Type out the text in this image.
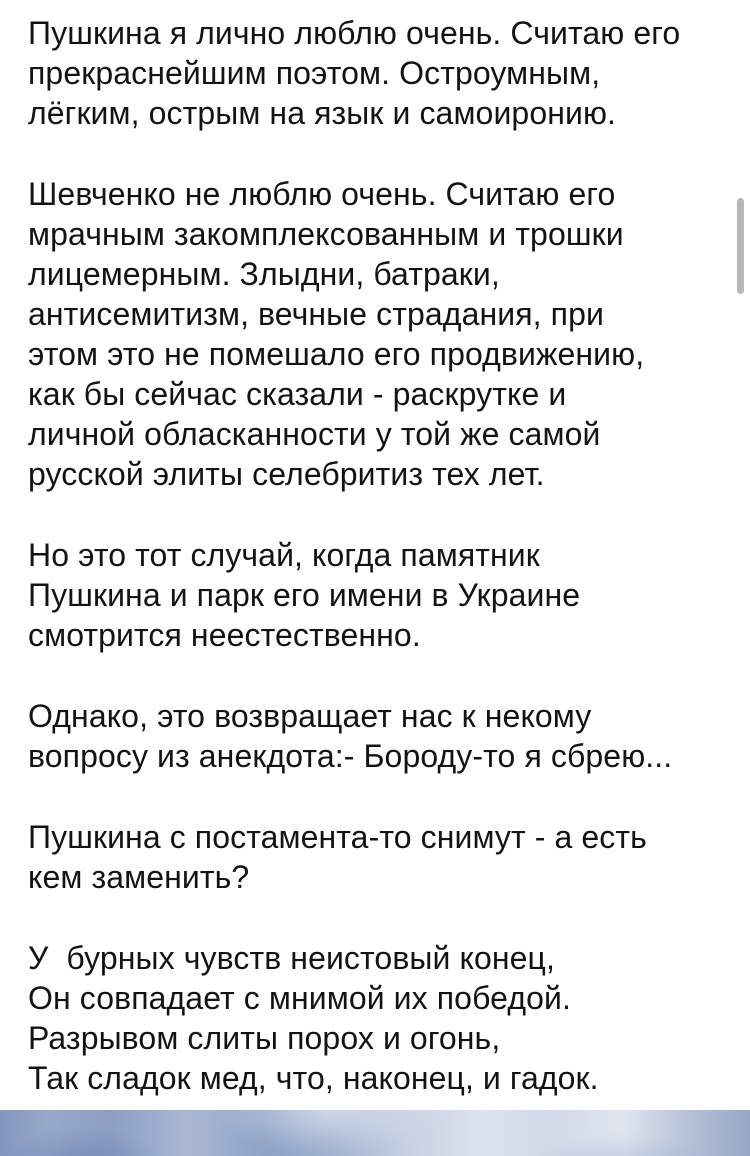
Пушкина я лично люблю очень. Считаю его
прекраснейшим поэтом. Остроумным,
лёгким, острым на язык и самоиронию.

Шевченко не люблю очень. Считаю его
мрачным закомплексованным и трошки
лицемерным. Злыдни, батраки,
антисемитизм, вечные страдания, при
этом это не помешало его продвижению,
как бы сейчас сказали - раскрутке и
личной обласканности у той же самой
русской элиты селебритиз тех лет.

Но это тот случай, когда памятник
Пушкина и парк его имени в Украине
смотрится неестественно.

Однако, это возвращает нас к некому
вопросу из анекдота:- Бороду-то я сбрею...

Пушкина с постамента-то снимут - а есть
кем заменить?

У  бурных чувств неистовый конец,
Он совпадает с мнимой их победой.
Разрывом слиты порох и огонь,
Так сладок мед, что, наконец, и гадок.
